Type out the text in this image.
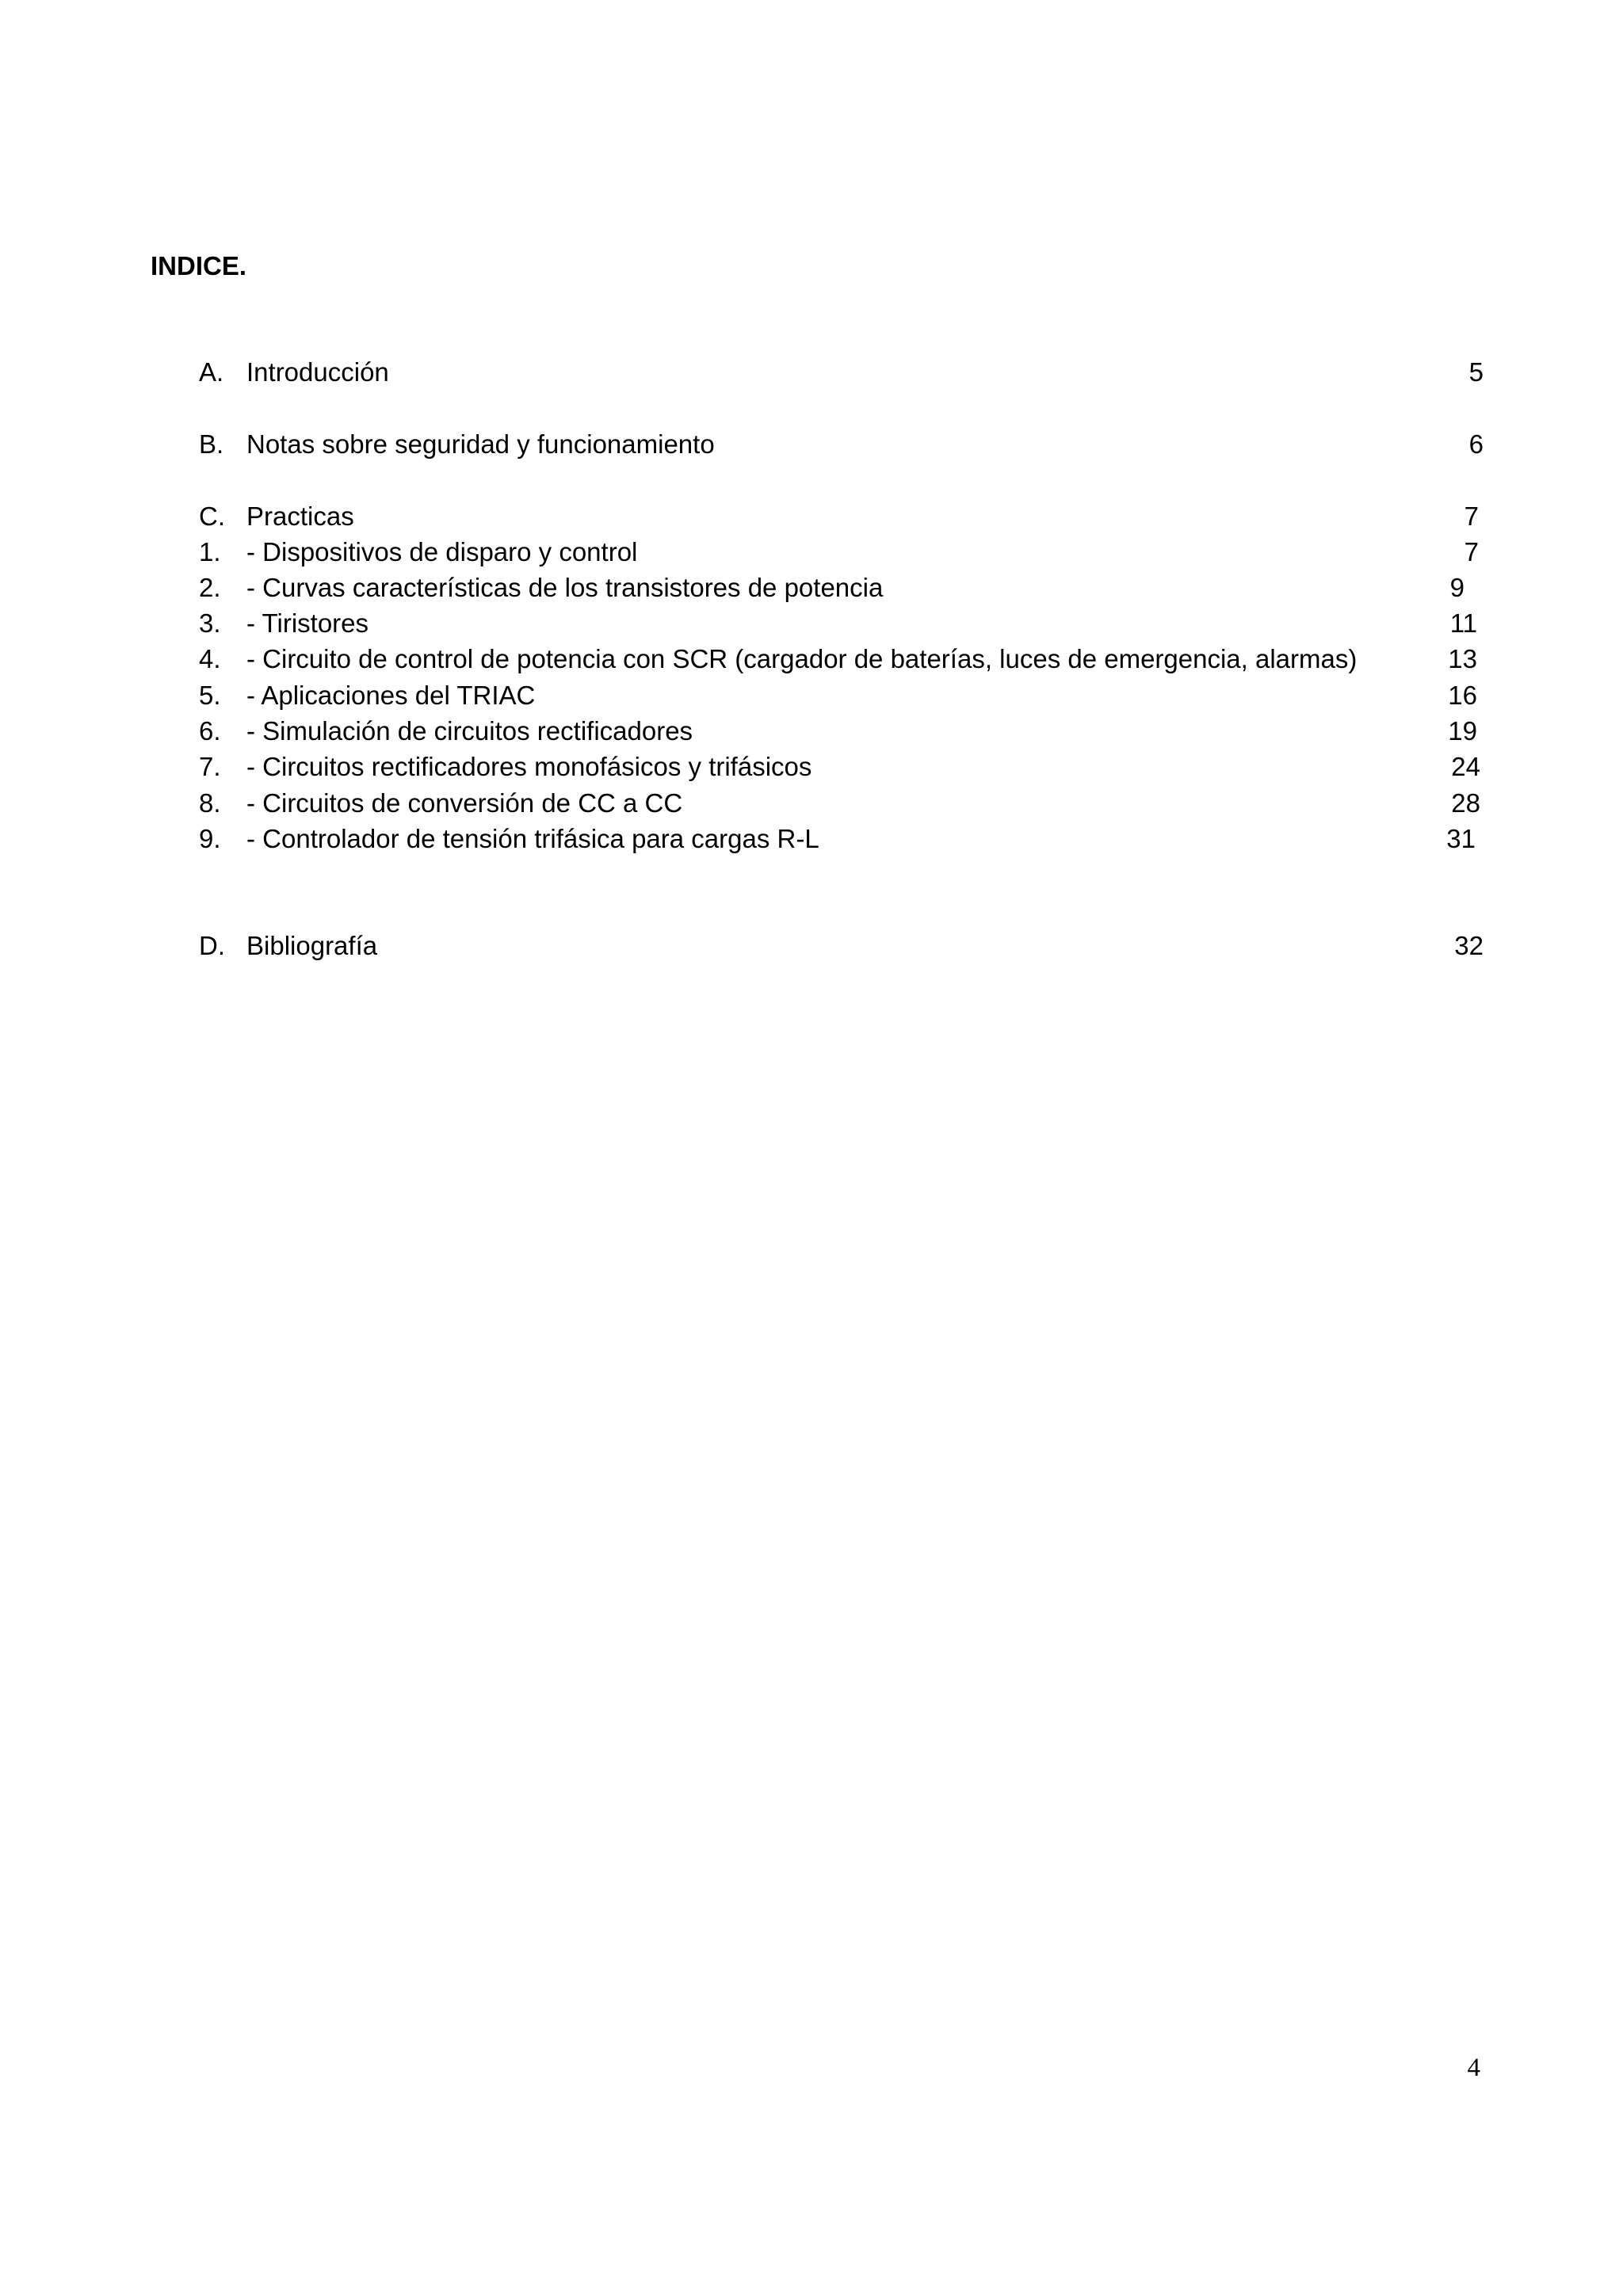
INDICE.
A. Introducción	5
B. Notas sobre seguridad y funcionamiento	6
C. Practicas	7
1. - Dispositivos de disparo y control	7
2. - Curvas características de los transistores de potencia	9
3. - Tiristores	11
4. - Circuito de control de potencia con SCR (cargador de baterías, luces de emergencia, alarmas)	13
5. - Aplicaciones del TRIAC	16
6. - Simulación de circuitos rectificadores	19
7. - Circuitos rectificadores monofásicos y trifásicos	24
8. - Circuitos de conversión de CC a CC	28
9. - Controlador de tensión trifásica para cargas R-L	31
D. Bibliografía	32
4
